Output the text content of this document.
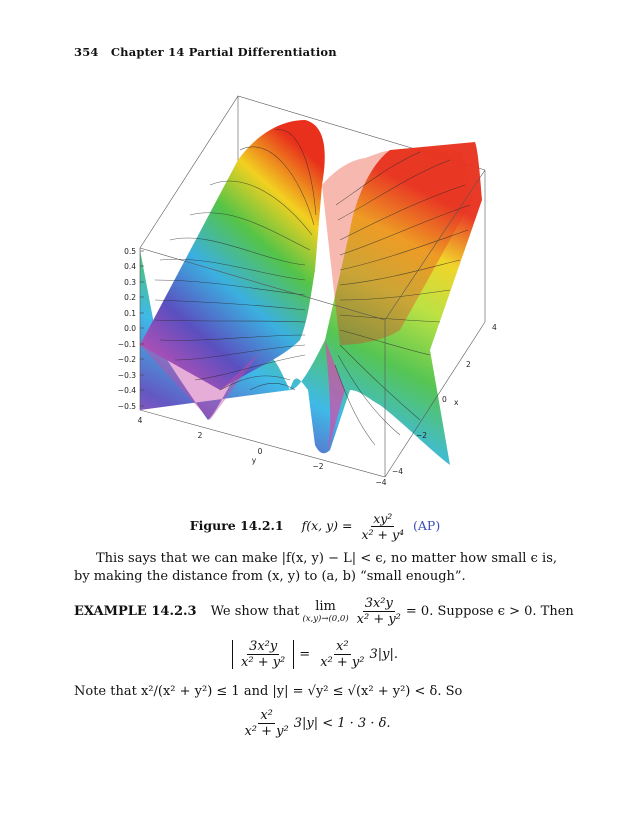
354 Chapter 14 Partial Differentiation
0.5
0.4
0.3
0.2
0.1
0.0
−0.1
−0.2
−0.3
−0.4
−0.5
4
2
0
−2
−4
y
4
2
0
−2
−4
x
Figure 14.2.1 f(x, $y) = \frac{\text{xy²}}{\text{x² + y⁴}} (AP)$
This says that we can make |f(x, y) − L| < ϵ, no matter how small ϵ is, by making the distance from (x, y) to (a, b) “small enough”.
EXAMPLE 14.2.3 We show that lim
$(x,y)\to(0,0) \frac{\text{3x²y}}{\text{x² + y²}} = 0$. Suppose ϵ > 0. Then
$\frac{\text{3x²y}}{\text{x² + y²}} = \frac{\text{x²}}{\text{x² + y²}} 3|y|$.
Note that x²/(x² + y²) ≤ 1 and |y| = √y² ≤ √(x² + y²) < δ. So
$\frac{\text{x²}}{\text{x² + y²}} 3|y| < 1 \cdot 3 \cdot \delta$.
